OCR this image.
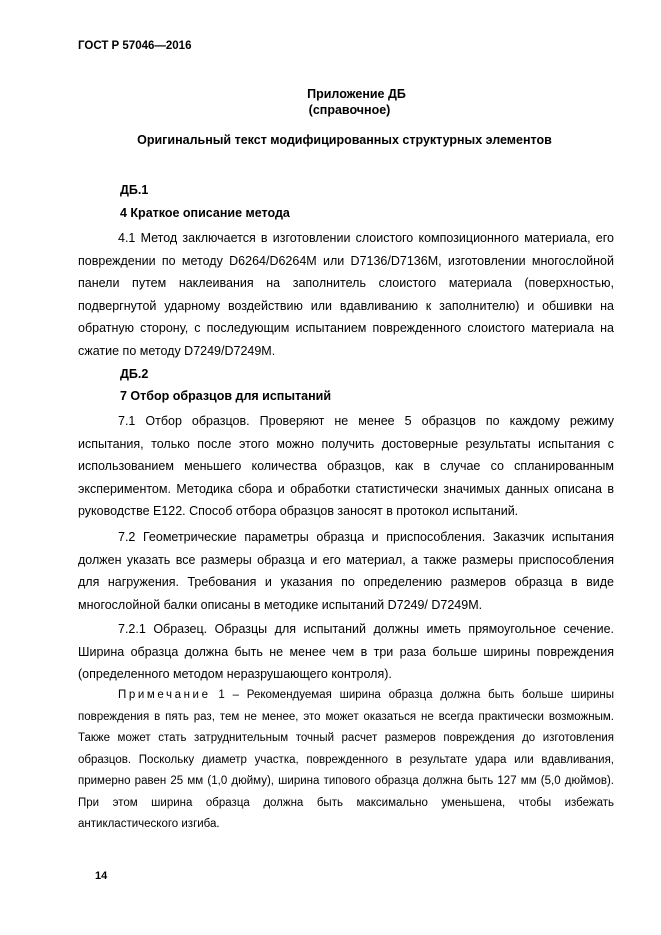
ГОСТ Р 57046—2016
Приложение ДБ
(справочное)
Оригинальный текст модифицированных структурных элементов
ДБ.1
4 Краткое описание метода

4.1 Метод заключается в изготовлении слоистого композиционного материала, его повреждении по методу D6264/D6264M или D7136/D7136M, изготовлении многослойной панели путем наклеивания на заполнитель слоистого материала (поверхностью, подвергнутой ударному воздействию или вдавливанию к заполнителю) и обшивки на обратную сторону, с последующим испытанием поврежденного слоистого материала на сжатие по методу D7249/D7249M.

ДБ.2
7 Отбор образцов для испытаний

7.1 Отбор образцов. Проверяют не менее 5 образцов по каждому режиму испытания, только после этого можно получить достоверные результаты испытания с использованием меньшего количества образцов, как в случае со спланированным экспериментом. Методика сбора и обработки статистически значимых данных описана в руководстве Е122. Способ отбора образцов заносят в протокол испытаний.

7.2 Геометрические параметры образца и приспособления. Заказчик испытания должен указать все размеры образца и его материал, а также размеры приспособления для нагружения. Требования и указания по определению размеров образца в виде многослойной балки описаны в методике испытаний D7249/ D7249M.

7.2.1 Образец. Образцы для испытаний должны иметь прямоугольное сечение. Ширина образца должна быть не менее чем в три раза больше ширины повреждения (определенного методом неразрушающего контроля).

Примечание 1 – Рекомендуемая ширина образца должна быть больше ширины повреждения в пять раз, тем не менее, это может оказаться не всегда практически возможным. Также может стать затруднительным точный расчет размеров повреждения до изготовления образцов. Поскольку диаметр участка, поврежденного в результате удара или вдавливания, примерно равен 25 мм (1,0 дюйму), ширина типового образца должна быть 127 мм (5,0 дюймов). При этом ширина образца должна быть максимально уменьшена, чтобы избежать антикластического изгиба.

14
